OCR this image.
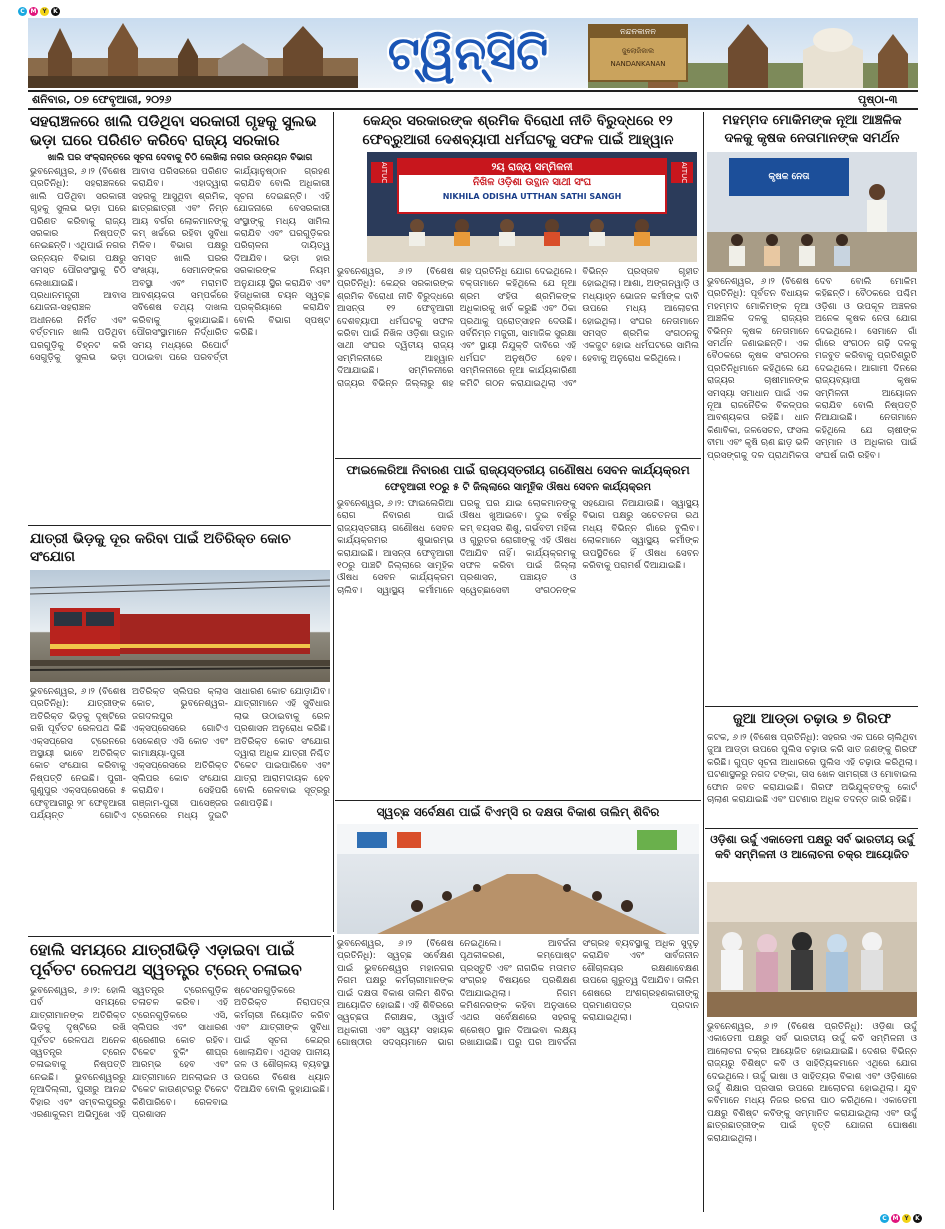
C M Y	K
ଟ୍ୱିନ୍‌ସିଟି	ନନ୍ଦନକାନନ
ଜୁଲୋଜିକାଲ
NANDANKANAN
ଶନିବାର, ୦୭ ଫେବୃଆରୀ, ୨୦୨୬	ପୃଷ୍ଠା-୩
ସହରାଞ୍ଚଳରେ ଖାଲି ପଡିଥିବା ସରକାରୀ ଗୃହକୁ ସୁଲଭ ଭଡ଼ା ଘରେ ପରିଣତ କରିବେ ରାଜ୍ୟ ସରକାର
ଖାଲି ଘର ସଂକ୍ରାନ୍ତରେ ସୂଚନା ଦେବାକୁ ଚିଠି ଲେଖିଲା ନଗର ଉନ୍ନୟନ ବିଭାଗ
ଭୁବନେଶ୍ୱର, ୬।୨ (ବିଶେଷ ପ୍ରତିନିଧି): ସହରାଞ୍ଚଳରେ ଖାଲି ପଡିଥିବା ସରକାରୀ ଗୃହକୁ ସୁଲଭ ଭଡ଼ା ଘରେ ପରିଣତ କରିବାକୁ ରାଜ୍ୟ ସରକାର ନିଷ୍ପତ୍ତି ନେଇଛନ୍ତି। ଏଥିପାଇଁ ନଗର ଉନ୍ନୟନ ବିଭାଗ ପକ୍ଷରୁ ସମସ୍ତ ପୌରସଂସ୍ଥାକୁ ଚିଠି ଲେଖାଯାଇଛି। ପ୍ରଧାନମନ୍ତ୍ରୀ ଆବାସ ଯୋଜନା-ସହରାଞ୍ଚଳ ଅଧୀନରେ ନିର୍ମିତ ଏବଂ ବର୍ତ୍ତମାନ ଖାଲି ପଡିଥିବା ଘରଗୁଡ଼ିକୁ ଚିହ୍ନଟ କରି ସେଗୁଡ଼ିକୁ ସୁଲଭ ଭଡ଼ା ଆବାସ ପରିସରରେ ପରିଣତ କରାଯିବ। ଏହାଦ୍ୱାରା ସହରକୁ ଆସୁଥିବା ଶ୍ରମିକ, ଛାତ୍ରଛାତ୍ରୀ ଏବଂ ନିମ୍ନ ଆୟ ବର୍ଗର ଲୋକମାନଙ୍କୁ କମ୍ ଖର୍ଚ୍ଚରେ ରହିବା ସୁବିଧା ମିଳିବ। ବିଭାଗ ପକ୍ଷରୁ ସମସ୍ତ ଖାଲି ଘରର ସଂଖ୍ୟା, ସେମାନଙ୍କର ଅବସ୍ଥା ଏବଂ ମରାମତି ଆବଶ୍ୟକତା ସମ୍ପର୍କରେ ସବିଶେଷ ତଥ୍ୟ ଦାଖଲ କରିବାକୁ କୁହାଯାଇଛି। ପୌରସଂସ୍ଥାମାନେ ନିର୍ଦ୍ଧାରିତ ସମୟ ମଧ୍ୟରେ ରିପୋର୍ଟ ପଠାଇବା ପରେ ପରବର୍ତ୍ତୀ କାର୍ଯ୍ୟାନୁଷ୍ଠାନ ଗ୍ରହଣ କରାଯିବ ବୋଲି ଅଧିକାରୀ ସୂଚନା ଦେଇଛନ୍ତି। ଏହି ଯୋଜନାରେ ବେସରକାରୀ ସଂସ୍ଥାଙ୍କୁ ମଧ୍ୟ ସାମିଲ କରାଯିବ ଏବଂ ଘରଗୁଡ଼ିକର ପରିଚାଳନା ଦାୟିତ୍ୱ ଦିଆଯିବ। ଭଡ଼ା ହାର ସରକାରଙ୍କ ନିୟମ ଅନୁଯାୟୀ ସ୍ଥିର କରାଯିବ ଏବଂ ହିତାଧିକାରୀ ଚୟନ ସ୍ୱଚ୍ଛ ପ୍ରକ୍ରିୟାରେ କରାଯିବ ବୋଲି ବିଭାଗ ସ୍ପଷ୍ଟ କରିଛି।
ଯାତ୍ରୀ ଭିଡ଼କୁ ଦୂର କରିବା ପାଇଁ ଅତିରିକ୍ତ କୋଚ ସଂଯୋଗ
ଭୁବନେଶ୍ୱର, ୬।୨ (ବିଶେଷ ପ୍ରତିନିଧି): ଯାତ୍ରୀଙ୍କ ଅତିରିକ୍ତ ଭିଡ଼କୁ ଦୃଷ୍ଟିରେ ରଖି ପୂର୍ବତଟ ରେଳପଥ କିଛି ଏକ୍ସପ୍ରେସ ଟ୍ରେନରେ ଅସ୍ଥାୟୀ ଭାବେ ଅତିରିକ୍ତ କୋଚ ସଂଯୋଗ କରିବାକୁ ନିଷ୍ପତ୍ତି ନେଇଛି। ପୁରୀ-ଗୁଣୁପୁର ଏକ୍ସପ୍ରେସରେ ୫ ଫେବୃଆରୀରୁ ୨୮ ଫେବୃଆରୀ ପର୍ଯ୍ୟନ୍ତ ଗୋଟିଏ ଅତିରିକ୍ତ ସ୍ଲିପର କ୍ଲାସ କୋଚ, ଭୁବନେଶ୍ୱର-ଜଗଦଲପୁର ଏକ୍ସପ୍ରେସରେ ଗୋଟିଏ ସେକେଣ୍ଡ ଏସି କୋଚ ଏବଂ କାମାକ୍ଷ୍ୟା-ପୁରୀ ଏକ୍ସପ୍ରେସରେ ଅତିରିକ୍ତ ସ୍ଲିପର କୋଚ ସଂଯୋଗ କରାଯିବ। ସେହିପରି ଗଞ୍ଜାମ-ପୁରୀ ପାସେଞ୍ଜର ଟ୍ରେନରେ ମଧ୍ୟ ଦୁଇଟି ସାଧାରଣ କୋଚ ଯୋଡ଼ାଯିବ। ଯାତ୍ରୀମାନେ ଏହି ସୁବିଧାର ଲାଭ ଉଠାଇବାକୁ ରେଳ ପ୍ରଶାସନ ଅନୁରୋଧ କରିଛି। ଅତିରିକ୍ତ କୋଚ ସଂଯୋଗ ଦ୍ୱାରା ଅଧିକ ଯାତ୍ରୀ ନିଶ୍ଚିତ ଟିକେଟ ପାଇପାରିବେ ଏବଂ ଯାତ୍ରା ଆରାମଦାୟକ ହେବ ବୋଲି ରେଳବାଇ ସୂତ୍ରରୁ ଜଣାପଡ଼ିଛି।
ହୋଲି ସମୟରେ ଯାତ୍ରୀଭିଡ଼ି ଏଡ଼ାଇବା ପାଇଁ ପୂର୍ବତଟ ରେଳପଥ ସ୍ୱତନ୍ତ୍ର ଟ୍ରେନ୍ ଚଳାଇବ
ଭୁବନେଶ୍ୱର, ୬।୨: ହୋଲି ପର୍ବ ସମୟରେ ଯାତ୍ରୀମାନଙ୍କ ଅତିରିକ୍ତ ଭିଡ଼କୁ ଦୃଷ୍ଟିରେ ରଖି ପୂର୍ବତଟ ରେଳପଥ ଅନେକ ସ୍ୱତନ୍ତ୍ର ଟ୍ରେନ ଚଳାଇବାକୁ ନିଷ୍ପତ୍ତି ନେଇଛି। ଭୁବନେଶ୍ୱରରୁ ନୂଆଦିଲ୍ଲୀ, ପୁରୀରୁ ଆନନ୍ଦ ବିହାର ଏବଂ ସମ୍ବଲପୁରରୁ ଏରଣାକୁଲମ ଅଭିମୁଖେ ଏହି ସ୍ୱତନ୍ତ୍ର ଟ୍ରେନଗୁଡ଼ିକ ଚଳାଚଳ କରିବ। ଏହି ଟ୍ରେନଗୁଡ଼ିକରେ ଏସି, ସ୍ଲିପର ଏବଂ ସାଧାରଣ ଶ୍ରେଣୀର କୋଚ ରହିବ। ଟିକେଟ ବୁକିଂ ଶୀଘ୍ର ଆରମ୍ଭ ହେବ ଏବଂ ଯାତ୍ରୀମାନେ ଅନଲାଇନ ଓ ଟିକେଟ କାଉଣ୍ଟରରୁ ଟିକେଟ କିଣିପାରିବେ। ରେଳବାଇ ପ୍ରଶାସନ ଷ୍ଟେସନଗୁଡ଼ିକରେ ଅତିରିକ୍ତ ନିରାପତ୍ତା କର୍ମଚାରୀ ନିୟୋଜିତ କରିବ ଏବଂ ଯାତ୍ରୀଙ୍କ ସୁବିଧା ପାଇଁ ସୂଚନା କେନ୍ଦ୍ର ଖୋଲାଯିବ। ଏଥିସହ ପାନୀୟ ଜଳ ଓ ଶୌଚାଳୟ ବ୍ୟବସ୍ଥା ଉପରେ ବିଶେଷ ଧ୍ୟାନ ଦିଆଯିବ ବୋଲି କୁହାଯାଇଛି।
କେନ୍ଦ୍ର ସରକାରଙ୍କ ଶ୍ରମିକ ବିରୋଧୀ ନୀତି ବିରୁଦ୍ଧରେ ୧୨ ଫେବ୍ରୁଆରୀ ଦେଶବ୍ୟାପୀ ଧର୍ମଘଟକୁ ସଫଳ ପାଇଁ ଆହ୍ୱାନ
୨ୟ ରାଜ୍ୟ ସମ୍ମିଳନୀ
ନିଖିଳ ଓଡ଼ିଶା ଉତ୍ଥାନ ସାଥୀ ସଂଘ
NIKHILA ODISHA UTTHAN SATHI SANGH
AITUC	AITUC
ଭୁବନେଶ୍ୱର, ୬।୨ (ବିଶେଷ ପ୍ରତିନିଧି): କେନ୍ଦ୍ର ସରକାରଙ୍କ ଶ୍ରମିକ ବିରୋଧୀ ନୀତି ବିରୁଦ୍ଧରେ ଆସନ୍ତା ୧୨ ଫେବୃଆରୀ ଦେଶବ୍ୟାପୀ ଧର୍ମଘଟକୁ ସଫଳ କରିବା ପାଇଁ ନିଖିଳ ଓଡ଼ିଶା ଉତ୍ଥାନ ସାଥୀ ସଂଘର ଦ୍ୱିତୀୟ ରାଜ୍ୟ ସମ୍ମିଳନୀରେ ଆହ୍ୱାନ ଦିଆଯାଇଛି। ସମ୍ମିଳନୀରେ ରାଜ୍ୟର ବିଭିନ୍ନ ଜିଲ୍ଲାରୁ ଶହ ଶହ ପ୍ରତିନିଧି ଯୋଗ ଦେଇଥିଲେ। ବକ୍ତାମାନେ କହିଥିଲେ ଯେ ନୂଆ ଶ୍ରମ ସଂହିତା ଶ୍ରମିକଙ୍କ ଅଧିକାରକୁ ଖର୍ବ କରୁଛି ଏବଂ ଠିକା ପ୍ରଥାକୁ ପ୍ରୋତ୍ସାହନ ଦେଉଛି। ସର୍ବନିମ୍ନ ମଜୁରୀ, ସାମାଜିକ ସୁରକ୍ଷା ଏବଂ ସ୍ଥାୟୀ ନିଯୁକ୍ତି ଦାବିରେ ଏହି ଧର୍ମଘଟ ଅନୁଷ୍ଠିତ ହେବ। ସମ୍ମିଳନୀରେ ନୂଆ କାର୍ଯ୍ୟକାରିଣୀ କମିଟି ଗଠନ କରାଯାଇଥିଲା ଏବଂ ବିଭିନ୍ନ ପ୍ରସ୍ତାବ ଗୃହୀତ ହୋଇଥିଲା। ଆଶା, ଅଙ୍ଗନୱାଡ଼ି ଓ ମଧ୍ୟାହ୍ନ ଭୋଜନ କର୍ମୀଙ୍କ ଦାବି ଉପରେ ମଧ୍ୟ ଆଲୋଚନା ହୋଇଥିଲା। ସଂଘର ନେତାମାନେ ସମସ୍ତ ଶ୍ରମିକ ସଂଗଠନକୁ ଏକଜୁଟ ହୋଇ ଧର୍ମଘଟରେ ସାମିଲ ହେବାକୁ ଅନୁରୋଧ କରିଥିଲେ।
ଫାଇଲେରିଆ ନିବାରଣ ପାଇଁ ରାଜ୍ୟସ୍ତରୀୟ ଗଣୌଷଧ ସେବନ କାର୍ଯ୍ୟକ୍ରମ
ଫେବୃଆରୀ ୧୦ରୁ ୫ ଟି ଜିଲ୍ଲାରେ ସାମୂହିକ ଔଷଧ ସେବନ କାର୍ଯ୍ୟକ୍ରମ
ଭୁବନେଶ୍ୱର, ୬।୨: ଫାଇଲେରିଆ ରୋଗ ନିବାରଣ ପାଇଁ ରାଜ୍ୟସ୍ତରୀୟ ଗଣୌଷଧ ସେବନ କାର୍ଯ୍ୟକ୍ରମର ଶୁଭାରମ୍ଭ କରାଯାଇଛି। ଆସନ୍ତା ଫେବୃଆରୀ ୧୦ରୁ ପାଞ୍ଚଟି ଜିଲ୍ଲାରେ ସାମୂହିକ ଔଷଧ ସେବନ କାର୍ଯ୍ୟକ୍ରମ ଚାଲିବ। ସ୍ୱାସ୍ଥ୍ୟ କର୍ମୀମାନେ ଘରକୁ ଘର ଯାଇ ଲୋକମାନଙ୍କୁ ଔଷଧ ଖୁଆଇବେ। ଦୁଇ ବର୍ଷରୁ କମ୍ ବୟସର ଶିଶୁ, ଗର୍ଭବତୀ ମହିଳା ଓ ଗୁରୁତର ରୋଗୀଙ୍କୁ ଏହି ଔଷଧ ଦିଆଯିବ ନାହିଁ। କାର୍ଯ୍ୟକ୍ରମକୁ ସଫଳ କରିବା ପାଇଁ ଜିଲ୍ଲା ପ୍ରଶାସନ, ପଞ୍ଚାୟତ ଓ ସ୍ୱେଚ୍ଛାସେବୀ ସଂଗଠନଙ୍କ ସହଯୋଗ ନିଆଯାଉଛି। ସ୍ୱାସ୍ଥ୍ୟ ବିଭାଗ ପକ୍ଷରୁ ସଚେତନତା ରଥ ମଧ୍ୟ ବିଭିନ୍ନ ଗାଁରେ ବୁଲିବ। ଲୋକମାନେ ସ୍ୱାସ୍ଥ୍ୟ କର୍ମୀଙ୍କ ଉପସ୍ଥିତିରେ ହିଁ ଔଷଧ ସେବନ କରିବାକୁ ପରାମର୍ଶ ଦିଆଯାଇଛି।
ସ୍ୱଚ୍ଛ ସର୍ବେକ୍ଷଣ ପାଇଁ ବିଏମ୍‌ସି ର ଦକ୍ଷତା ବିକାଶ ତାଲିମ୍ ଶିବିର
ଭୁବନେଶ୍ୱର, ୬।୨ (ବିଶେଷ ପ୍ରତିନିଧି): ସ୍ୱଚ୍ଛ ସର୍ବେକ୍ଷଣ ପାଇଁ ଭୁବନେଶ୍ୱର ମହାନଗର ନିଗମ ପକ୍ଷରୁ କର୍ମଚାରୀମାନଙ୍କ ପାଇଁ ଦକ୍ଷତା ବିକାଶ ତାଲିମ ଶିବିର ଆୟୋଜିତ ହୋଇଛି। ଏହି ଶିବିରରେ ସ୍ୱଚ୍ଛତା ନିରୀକ୍ଷକ, ଓ୍ୱାର୍ଡ ଅଧିକାରୀ ଏବଂ ସ୍ୱୟଂ ସହାୟକ ଗୋଷ୍ଠୀର ସଦସ୍ୟମାନେ ଭାଗ ନେଇଥିଲେ। ଆବର୍ଜନା ପୃଥକୀକରଣ, କମ୍ପୋଷ୍ଟ ପ୍ରସ୍ତୁତି ଏବଂ ନାଗରିକ ମତାମତ ସଂଗ୍ରହ ବିଷୟରେ ପ୍ରଶିକ୍ଷଣ ଦିଆଯାଇଥିଲା। ନିଗମ କମିଶନରଙ୍କ କହିବା ଅନୁସାରେ ଏଥର ସର୍ବେକ୍ଷଣରେ ସହରକୁ ଶ୍ରେଷ୍ଠ ସ୍ଥାନ ଦିଆଇବା ଲକ୍ଷ୍ୟ ରଖାଯାଇଛି। ଘରୁ ଘର ଆବର୍ଜନା ସଂଗ୍ରହ ବ୍ୟବସ୍ଥାକୁ ଅଧିକ ସୁଦୃଢ଼ କରାଯିବ ଏବଂ ସାର୍ବଜନୀନ ଶୌଚାଳୟର ରକ୍ଷଣାବେକ୍ଷଣ ଉପରେ ଗୁରୁତ୍ୱ ଦିଆଯିବ। ତାଲିମ ଶେଷରେ ଅଂଶଗ୍ରହଣକାରୀଙ୍କୁ ପ୍ରମାଣପତ୍ର ପ୍ରଦାନ କରାଯାଇଥିଲା।
ମହମ୍ମଦ ମୋକିମଙ୍କ ନୂଆ ଆଞ୍ଚଳିକ ଦଳକୁ କୃଷକ ନେତାମାନଙ୍କ ସମର୍ଥନ
କୃଷକ ନେତା
ଭୁବନେଶ୍ୱର, ୬।୨ (ବିଶେଷ ପ୍ରତିନିଧି): ପୂର୍ବତନ ବିଧାୟକ ମହମ୍ମଦ ମୋକିମଙ୍କ ନୂଆ ଆଞ୍ଚଳିକ ଦଳକୁ ରାଜ୍ୟର ବିଭିନ୍ନ କୃଷକ ନେତାମାନେ ସମର୍ଥନ ଜଣାଇଛନ୍ତି। ଏକ ବୈଠକରେ କୃଷକ ସଂଗଠନର ପ୍ରତିନିଧିମାନେ କହିଥିଲେ ଯେ ରାଜ୍ୟର ଚାଷୀମାନଙ୍କ ସମସ୍ୟା ସମାଧାନ ପାଇଁ ଏକ ନୂଆ ରାଜନୈତିକ ବିକଳ୍ପର ଆବଶ୍ୟକତା ରହିଛି। ଧାନ କିଣାବିକା, ଜଳସେଚନ, ଫସଲ ବୀମା ଏବଂ କୃଷି ଋଣ ଛାଡ଼ ଭଳି ପ୍ରସଙ୍ଗକୁ ଦଳ ପ୍ରାଥମିକତା ଦେବ ବୋଲି ମୋକିମ କହିଛନ୍ତି। ବୈଠକରେ ପଶ୍ଚିମ ଓଡ଼ିଶା ଓ ଉପକୂଳ ଅଞ୍ଚଳର ଅନେକ କୃଷକ ନେତା ଯୋଗ ଦେଇଥିଲେ। ସେମାନେ ଗାଁ ଗାଁରେ ସଂଗଠନ ଗଢ଼ି ଦଳକୁ ମଜବୁତ କରିବାକୁ ପ୍ରତିଶ୍ରୁତି ଦେଇଥିଲେ। ଆଗାମୀ ଦିନରେ ରାଜ୍ୟବ୍ୟାପୀ କୃଷକ ସମ୍ମିଳନୀ ଆୟୋଜନ କରାଯିବ ବୋଲି ନିଷ୍ପତ୍ତି ନିଆଯାଇଛି। ନେତାମାନେ କହିଥିଲେ ଯେ ଚାଷୀଙ୍କ ସମ୍ମାନ ଓ ଅଧିକାର ପାଇଁ ସଂଘର୍ଷ ଜାରି ରହିବ।
ଜୁଆ ଆଡ୍ଡା ଚଢ଼ାଉ ୭ ଗିରଫ
କଟକ, ୬।୨ (ବିଶେଷ ପ୍ରତିନିଧି): ସହରର ଏକ ଘରେ ଚାଲିଥିବା ଜୁଆ ଆଡ୍ଡା ଉପରେ ପୁଲିସ ଚଢ଼ାଉ କରି ସାତ ଜଣଙ୍କୁ ଗିରଫ କରିଛି। ଗୁପ୍ତ ସୂଚନା ଆଧାରରେ ପୁଲିସ ଏହି ଚଢ଼ାଉ କରିଥିଲା। ଘଟଣାସ୍ଥଳରୁ ନଗଦ ଟଙ୍କା, ତାସ ଖେଳ ସାମଗ୍ରୀ ଓ ମୋବାଇଲ ଫୋନ ଜବତ କରାଯାଇଛି। ଗିରଫ ଅଭିଯୁକ୍ତଙ୍କୁ କୋର୍ଟ ଚାଲାଣ କରାଯାଇଛି ଏବଂ ଘଟଣାର ଅଧିକ ତଦନ୍ତ ଜାରି ରହିଛି।
ଓଡ଼ିଶା ଉର୍ଦ୍ଦୁ ଏକାଡେମୀ ପକ୍ଷରୁ ସର୍ବ ଭାରତୀୟ ଉର୍ଦ୍ଦୁ କବି ସମ୍ମିଳନୀ ଓ ଆଲୋଚନା ଚକ୍ର ଆୟୋଜିତ
ଭୁବନେଶ୍ୱର, ୬।୨ (ବିଶେଷ ପ୍ରତିନିଧି): ଓଡ଼ିଶା ଉର୍ଦ୍ଦୁ ଏକାଡେମୀ ପକ୍ଷରୁ ସର୍ବ ଭାରତୀୟ ଉର୍ଦ୍ଦୁ କବି ସମ୍ମିଳନୀ ଓ ଆଲୋଚନା ଚକ୍ର ଆୟୋଜିତ ହୋଇଯାଇଛି। ଦେଶର ବିଭିନ୍ନ ରାଜ୍ୟରୁ ବିଶିଷ୍ଟ କବି ଓ ସାହିତ୍ୟିକମାନେ ଏଥିରେ ଯୋଗ ଦେଇଥିଲେ। ଉର୍ଦ୍ଦୁ ଭାଷା ଓ ସାହିତ୍ୟର ବିକାଶ ଏବଂ ଓଡ଼ିଶାରେ ଉର୍ଦ୍ଦୁ ଶିକ୍ଷାର ପ୍ରସାର ଉପରେ ଆଲୋଚନା ହୋଇଥିଲା। ଯୁବ କବିମାନେ ମଧ୍ୟ ନିଜର ରଚନା ପାଠ କରିଥିଲେ। ଏକାଡେମୀ ପକ୍ଷରୁ ବିଶିଷ୍ଟ କବିଙ୍କୁ ସମ୍ମାନିତ କରାଯାଇଥିଲା ଏବଂ ଉର୍ଦ୍ଦୁ ଛାତ୍ରଛାତ୍ରୀଙ୍କ ପାଇଁ ବୃତ୍ତି ଯୋଜନା ଘୋଷଣା କରାଯାଇଥିଲା।
C M Y	K
